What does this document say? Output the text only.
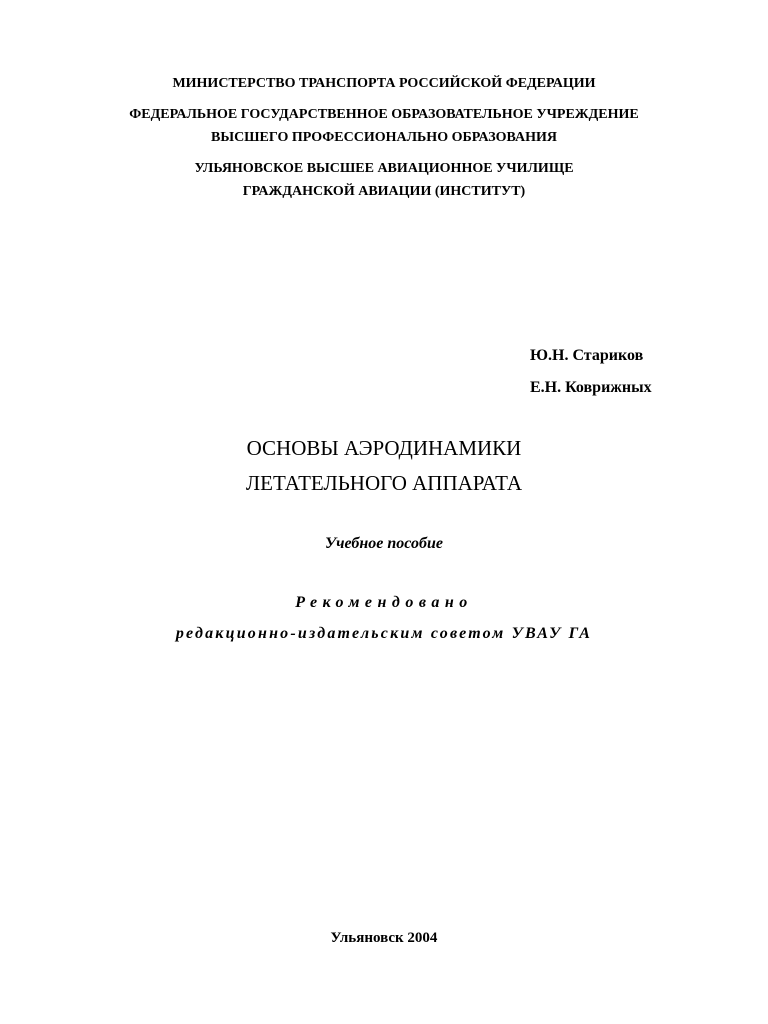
МИНИСТЕРСТВО ТРАНСПОРТА РОССИЙСКОЙ ФЕДЕРАЦИИ
ФЕДЕРАЛЬНОЕ ГОСУДАРСТВЕННОЕ ОБРАЗОВАТЕЛЬНОЕ УЧРЕЖДЕНИЕ
ВЫСШЕГО ПРОФЕССИОНАЛЬНО ОБРАЗОВАНИЯ
УЛЬЯНОВСКОЕ ВЫСШЕЕ АВИАЦИОННОЕ УЧИЛИЩЕ
ГРАЖДАНСКОЙ АВИАЦИИ (ИНСТИТУТ)
Ю.Н. Стариков
Е.Н. Коврижных
ОСНОВЫ АЭРОДИНАМИКИ
ЛЕТАТЕЛЬНОГО АППАРАТА
Учебное пособие
Рекомендовано
редакционно-издательским советом УВАУ ГА
Ульяновск 2004
